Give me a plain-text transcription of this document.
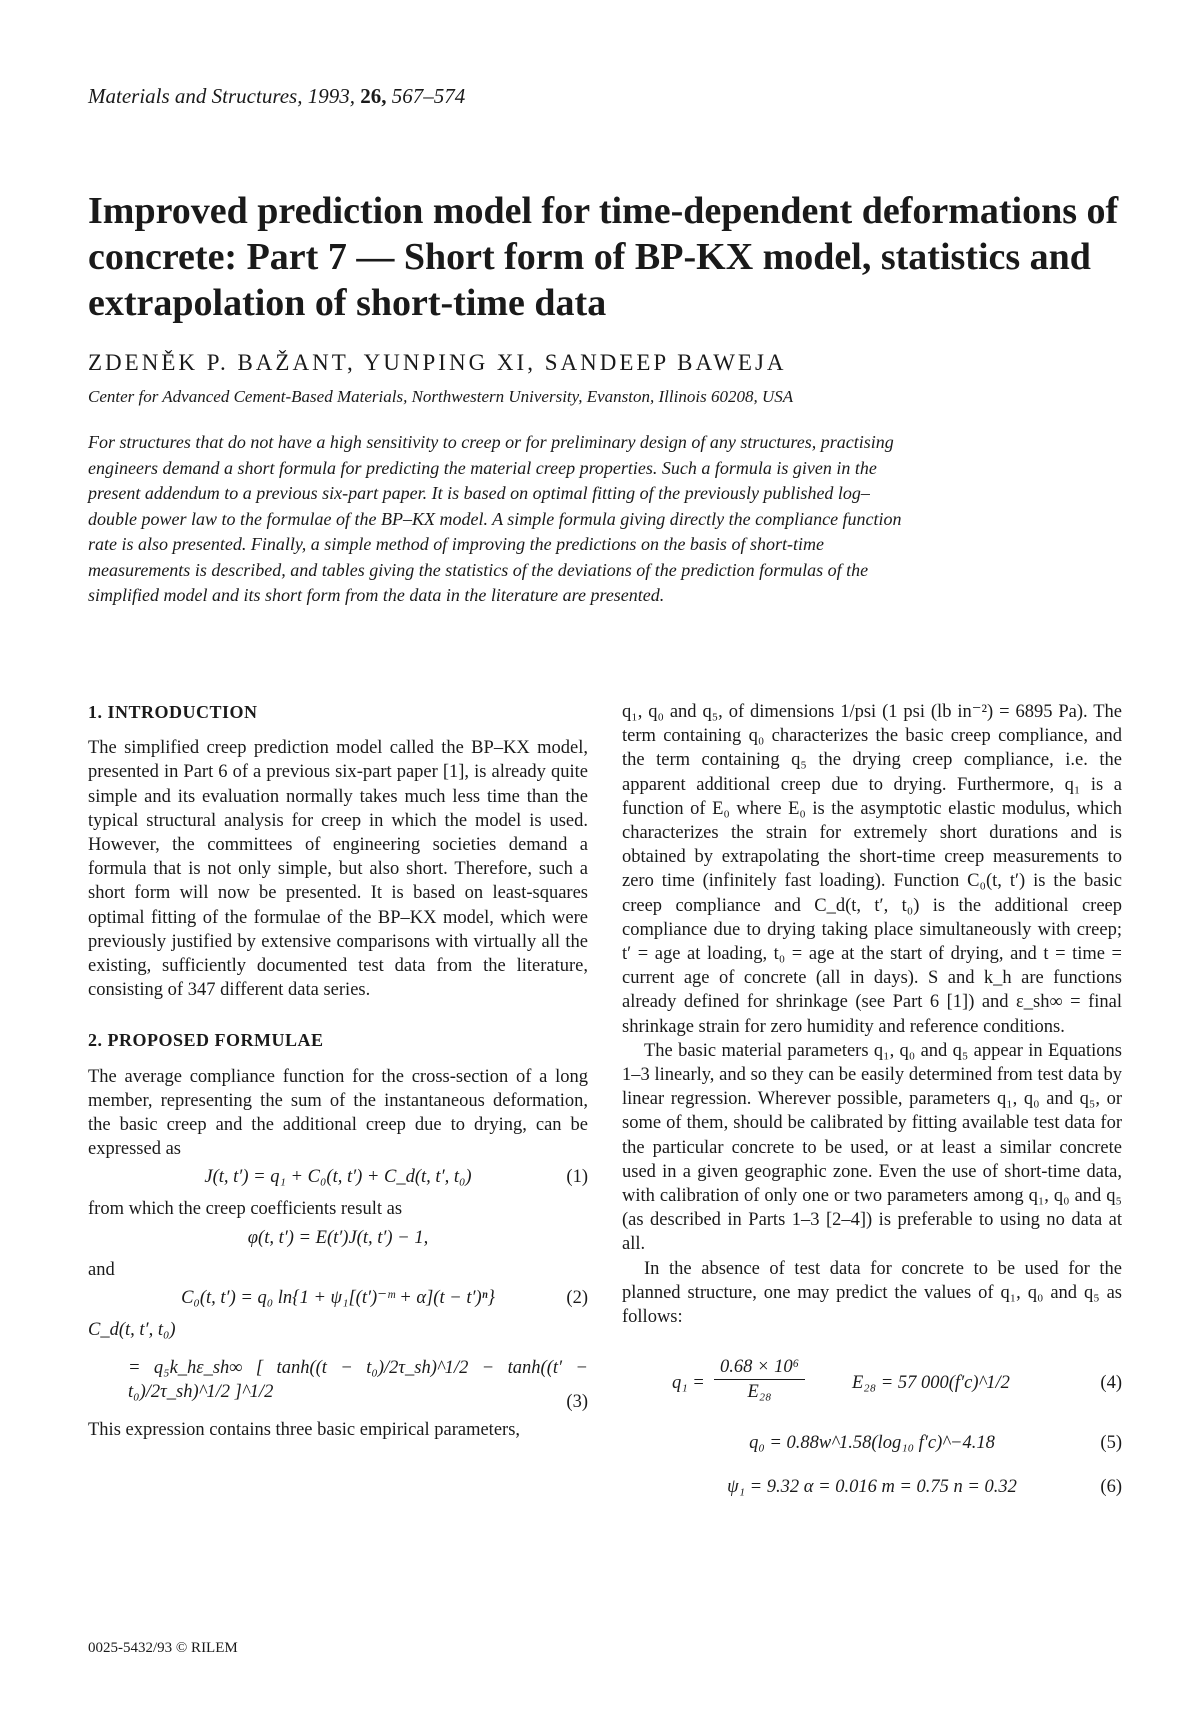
Materials and Structures, 1993, 26, 567–574
Improved prediction model for time-dependent deformations of concrete: Part 7 — Short form of BP-KX model, statistics and extrapolation of short-time data
ZDENĚK P. BAŽANT, YUNPING XI, SANDEEP BAWEJA
Center for Advanced Cement-Based Materials, Northwestern University, Evanston, Illinois 60208, USA
For structures that do not have a high sensitivity to creep or for preliminary design of any structures, practising engineers demand a short formula for predicting the material creep properties. Such a formula is given in the present addendum to a previous six-part paper. It is based on optimal fitting of the previously published log–double power law to the formulae of the BP–KX model. A simple formula giving directly the compliance function rate is also presented. Finally, a simple method of improving the predictions on the basis of short-time measurements is described, and tables giving the statistics of the deviations of the prediction formulas of the simplified model and its short form from the data in the literature are presented.
1. INTRODUCTION

The simplified creep prediction model called the BP–KX model, presented in Part 6 of a previous six-part paper [1], is already quite simple and its evaluation normally takes much less time than the typical structural analysis for creep in which the model is used. However, the committees of engineering societies demand a formula that is not only simple, but also short. Therefore, such a short form will now be presented. It is based on least-squares optimal fitting of the formulae of the BP–KX model, which were previously justified by extensive comparisons with virtually all the existing, sufficiently documented test data from the literature, consisting of 347 different data series.

2. PROPOSED FORMULAE

The average compliance function for the cross-section of a long member, representing the sum of the instantaneous deformation, the basic creep and the additional creep due to drying, can be expressed as

J(t, t′) = q₁ + C₀(t, t′) + C_d(t, t′, t₀)	(1)

from which the creep coefficients result as

φ(t, t′) = E(t′)J(t, t′) − 1,

and

C₀(t, t′) = q₀ ln{1 + ψ₁[(t′)⁻ᵐ + α](t − t′)ⁿ}	(2)
C_d(t, t′, t₀)
= q₅k_hε_sh∞ [ tanh((t − t₀)/2τ_sh)^1/2 − tanh((t′ − t₀)/2τ_sh)^1/2 ]^1/2	(3)

This expression contains three basic empirical parameters,

q₁, q₀ and q₅, of dimensions 1/psi (1 psi (lb in⁻²) = 6895 Pa). The term containing q₀ characterizes the basic creep compliance, and the term containing q₅ the drying creep compliance, i.e. the apparent additional creep due to drying. Furthermore, q₁ is a function of E₀ where E₀ is the asymptotic elastic modulus, which characterizes the strain for extremely short durations and is obtained by extrapolating the short-time creep measurements to zero time (infinitely fast loading). Function C₀(t, t′) is the basic creep compliance and C_d(t, t′, t₀) is the additional creep compliance due to drying taking place simultaneously with creep; t′ = age at loading, t₀ = age at the start of drying, and t = time = current age of concrete (all in days). S and k_h are functions already defined for shrinkage (see Part 6 [1]) and ε_sh∞ = final shrinkage strain for zero humidity and reference conditions.

The basic material parameters q₁, q₀ and q₅ appear in Equations 1–3 linearly, and so they can be easily determined from test data by linear regression. Wherever possible, parameters q₁, q₀ and q₅, or some of them, should be calibrated by fitting available test data for the particular concrete to be used, or at least a similar concrete used in a given geographic zone. Even the use of short-time data, with calibration of only one or two parameters among q₁, q₀ and q₅ (as described in Parts 1–3 [2–4]) is preferable to using no data at all.

In the absence of test data for concrete to be used for the planned structure, one may predict the values of q₁, q₀ and q₅ as follows:

$q_1 = \frac{\text{0.68 × 10⁶}}{\text{E₂₈}}$	E₂₈ = 57 000(f′c)^1/2	(4)
q₀ = 0.88w^1.58(log₁₀ f′c)^−4.18	(5)
ψ₁ = 9.32 α = 0.016 m = 0.75 n = 0.32	(6)
0025-5432/93 © RILEM
